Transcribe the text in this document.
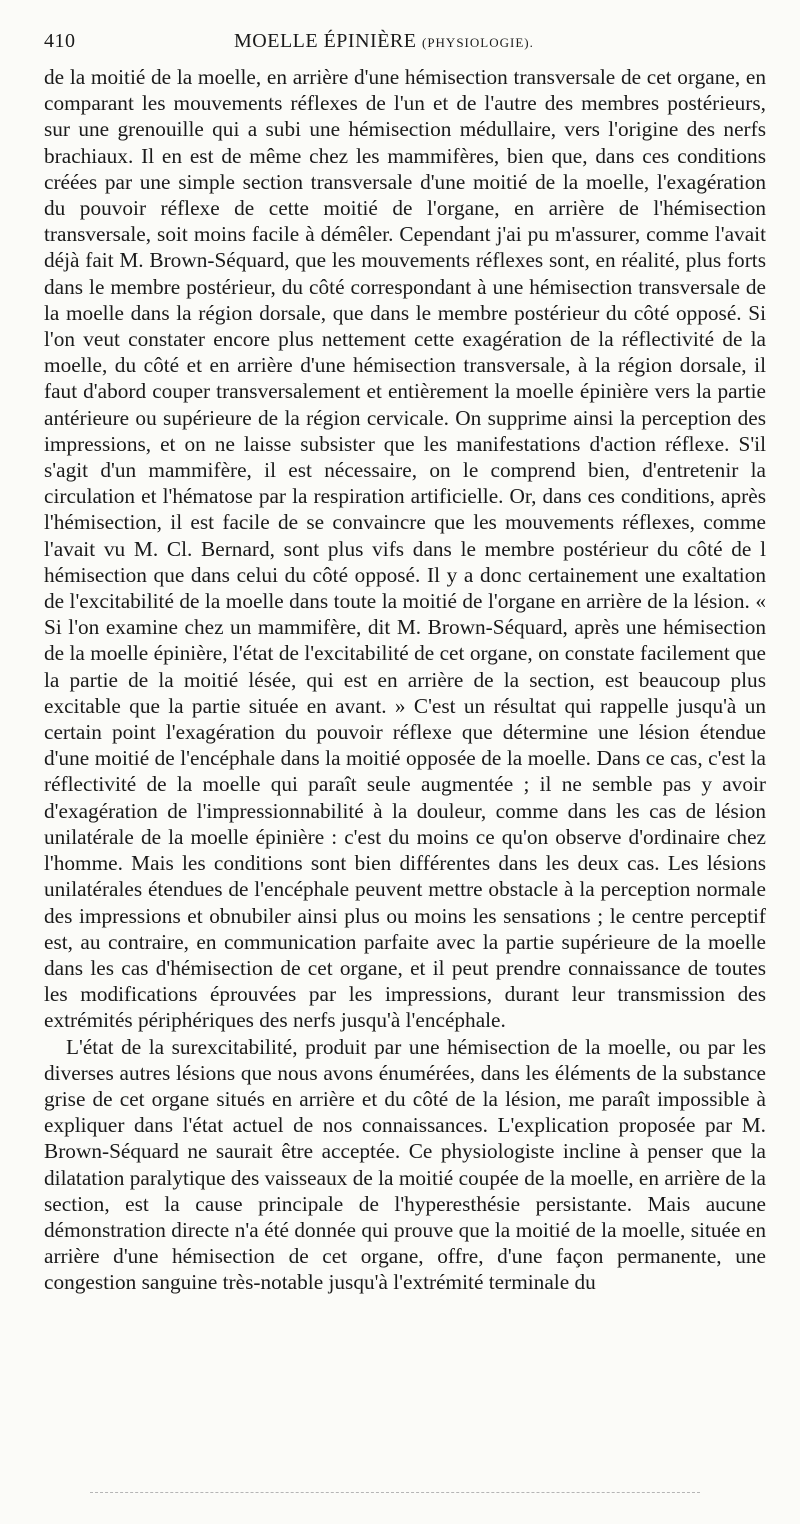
410	MOELLE ÉPINIÈRE (PHYSIOLOGIE).

de la moitié de la moelle, en arrière d'une hémisection transversale de cet organe, en comparant les mouvements réflexes de l'un et de l'autre des membres postérieurs, sur une grenouille qui a subi une hémisection médullaire, vers l'origine des nerfs brachiaux. Il en est de même chez les mammifères, bien que, dans ces conditions créées par une simple section transversale d'une moitié de la moelle, l'exagération du pouvoir réflexe de cette moitié de l'organe, en arrière de l'hémisection transversale, soit moins facile à démêler. Cependant j'ai pu m'assurer, comme l'avait déjà fait M. Brown-Séquard, que les mouvements réflexes sont, en réalité, plus forts dans le membre postérieur, du côté correspondant à une hémisection transversale de la moelle dans la région dorsale, que dans le membre postérieur du côté opposé. Si l'on veut constater encore plus nettement cette exagération de la réflectivité de la moelle, du côté et en arrière d'une hémisection transversale, à la région dorsale, il faut d'abord couper transversalement et entièrement la moelle épinière vers la partie antérieure ou supérieure de la région cervicale. On supprime ainsi la perception des impressions, et on ne laisse subsister que les manifestations d'action réflexe. S'il s'agit d'un mammifère, il est nécessaire, on le comprend bien, d'entretenir la circulation et l'hématose par la respiration artificielle. Or, dans ces conditions, après l'hémisection, il est facile de se convaincre que les mouvements réflexes, comme l'avait vu M. Cl. Bernard, sont plus vifs dans le membre postérieur du côté de l hémisection que dans celui du côté opposé. Il y a donc certainement une exaltation de l'excitabilité de la moelle dans toute la moitié de l'organe en arrière de la lésion. « Si l'on examine chez un mammifère, dit M. Brown-Séquard, après une hémisection de la moelle épinière, l'état de l'excitabilité de cet organe, on constate facilement que la partie de la moitié lésée, qui est en arrière de la section, est beaucoup plus excitable que la partie située en avant. » C'est un résultat qui rappelle jusqu'à un certain point l'exagération du pouvoir réflexe que détermine une lésion étendue d'une moitié de l'encéphale dans la moitié opposée de la moelle. Dans ce cas, c'est la réflectivité de la moelle qui paraît seule augmentée ; il ne semble pas y avoir d'exagération de l'impressionnabilité à la douleur, comme dans les cas de lésion unilatérale de la moelle épinière : c'est du moins ce qu'on observe d'ordinaire chez l'homme. Mais les conditions sont bien différentes dans les deux cas. Les lésions unilatérales étendues de l'encéphale peuvent mettre obstacle à la perception normale des impressions et obnubiler ainsi plus ou moins les sensations ; le centre perceptif est, au contraire, en communication parfaite avec la partie supérieure de la moelle dans les cas d'hémisection de cet organe, et il peut prendre connaissance de toutes les modifications éprouvées par les impressions, durant leur transmission des extrémités périphériques des nerfs jusqu'à l'encéphale.

L'état de la surexcitabilité, produit par une hémisection de la moelle, ou par les diverses autres lésions que nous avons énumérées, dans les éléments de la substance grise de cet organe situés en arrière et du côté de la lésion, me paraît impossible à expliquer dans l'état actuel de nos connaissances. L'explication proposée par M. Brown-Séquard ne saurait être acceptée. Ce physiologiste incline à penser que la dilatation paralytique des vaisseaux de la moitié coupée de la moelle, en arrière de la section, est la cause principale de l'hyperesthésie persistante. Mais aucune démonstration directe n'a été donnée qui prouve que la moitié de la moelle, située en arrière d'une hémisection de cet organe, offre, d'une façon permanente, une congestion sanguine très-notable jusqu'à l'extrémité terminale du
